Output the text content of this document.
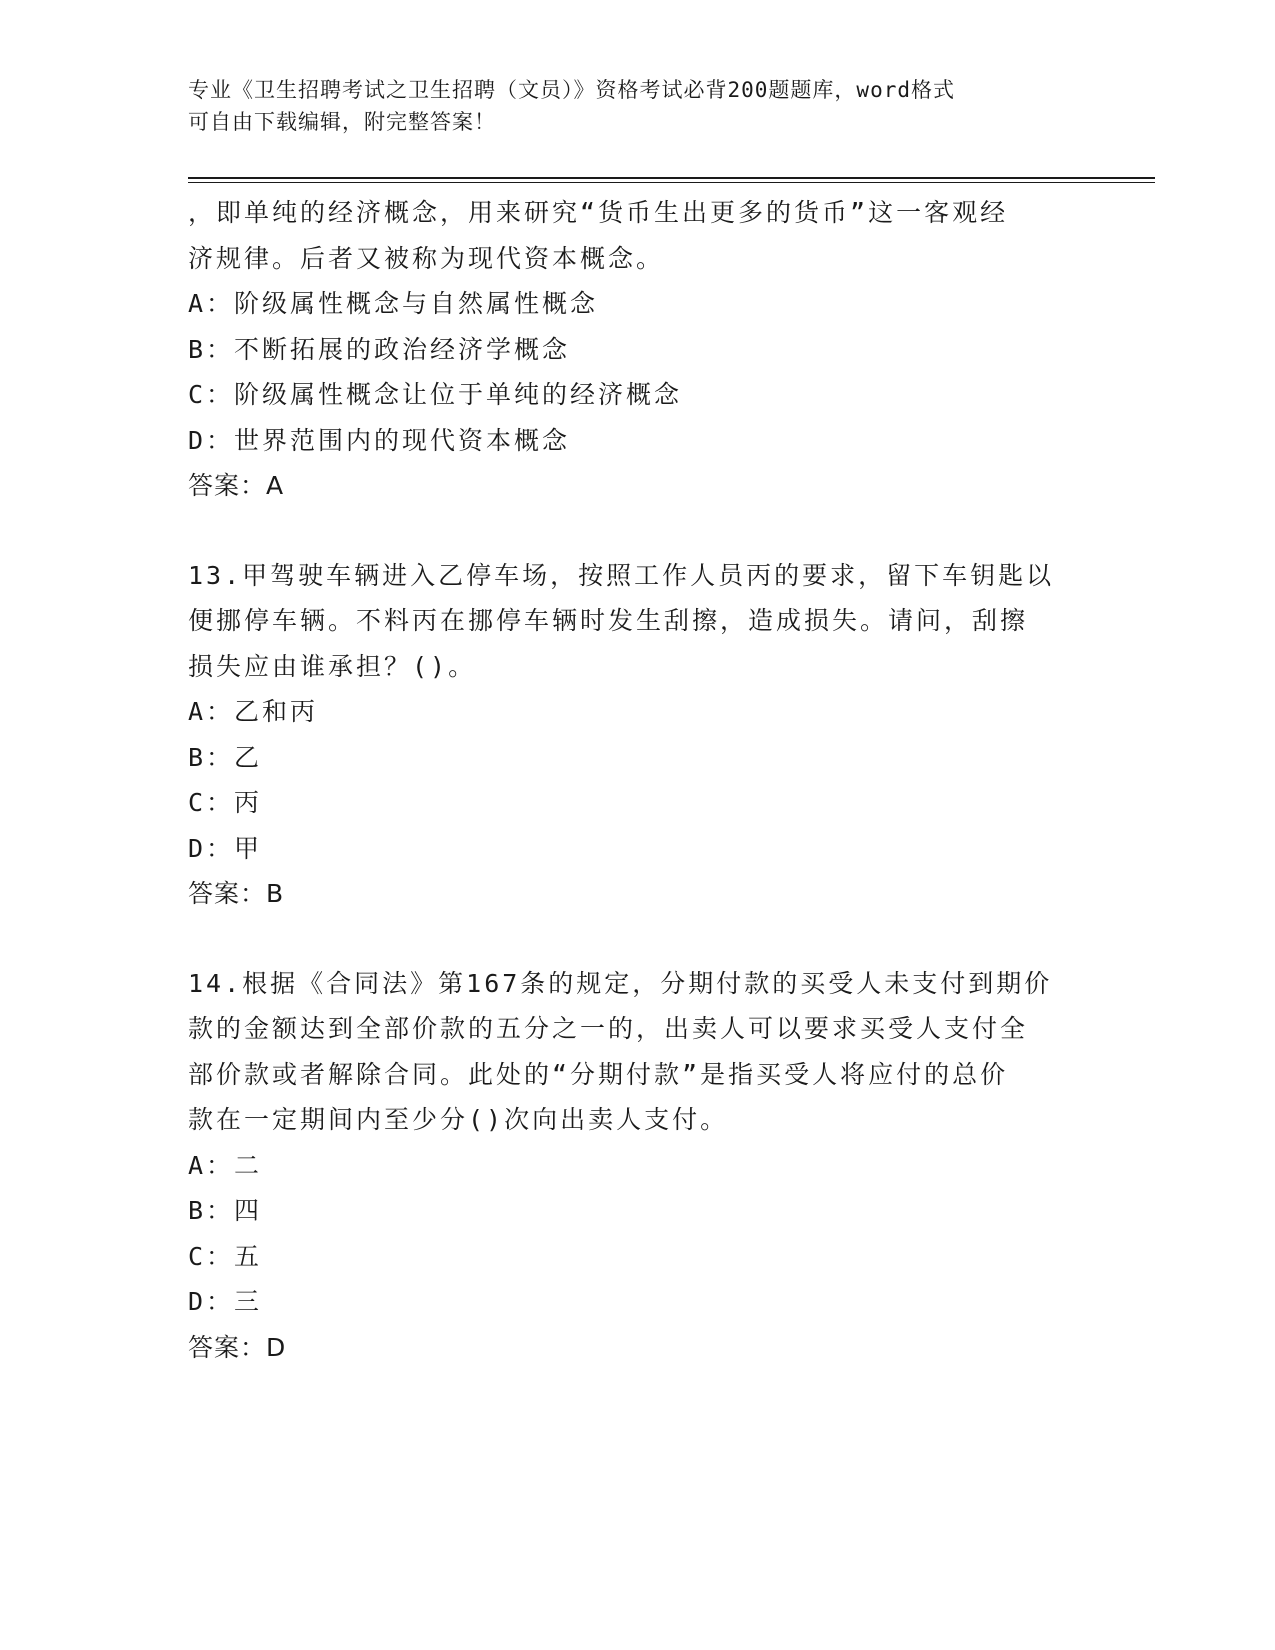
专业《卫生招聘考试之卫生招聘（文员）》资格考试必背200题题库，word格式
可自由下载编辑，附完整答案！
，即单纯的经济概念，用来研究“货币生出更多的货币”这一客观经
济规律。后者又被称为现代资本概念。
A：阶级属性概念与自然属性概念
B：不断拓展的政治经济学概念
C：阶级属性概念让位于单纯的经济概念
D：世界范围内的现代资本概念
答案：A
13.甲驾驶车辆进入乙停车场，按照工作人员丙的要求，留下车钥匙以
便挪停车辆。不料丙在挪停车辆时发生刮擦，造成损失。请问，刮擦
损失应由谁承担？()。
A：乙和丙
B：乙
C：丙
D：甲
答案：B
14.根据《合同法》第167条的规定，分期付款的买受人未支付到期价
款的金额达到全部价款的五分之一的，出卖人可以要求买受人支付全
部价款或者解除合同。此处的“分期付款”是指买受人将应付的总价
款在一定期间内至少分()次向出卖人支付。
A：二
B：四
C：五
D：三
答案：D
